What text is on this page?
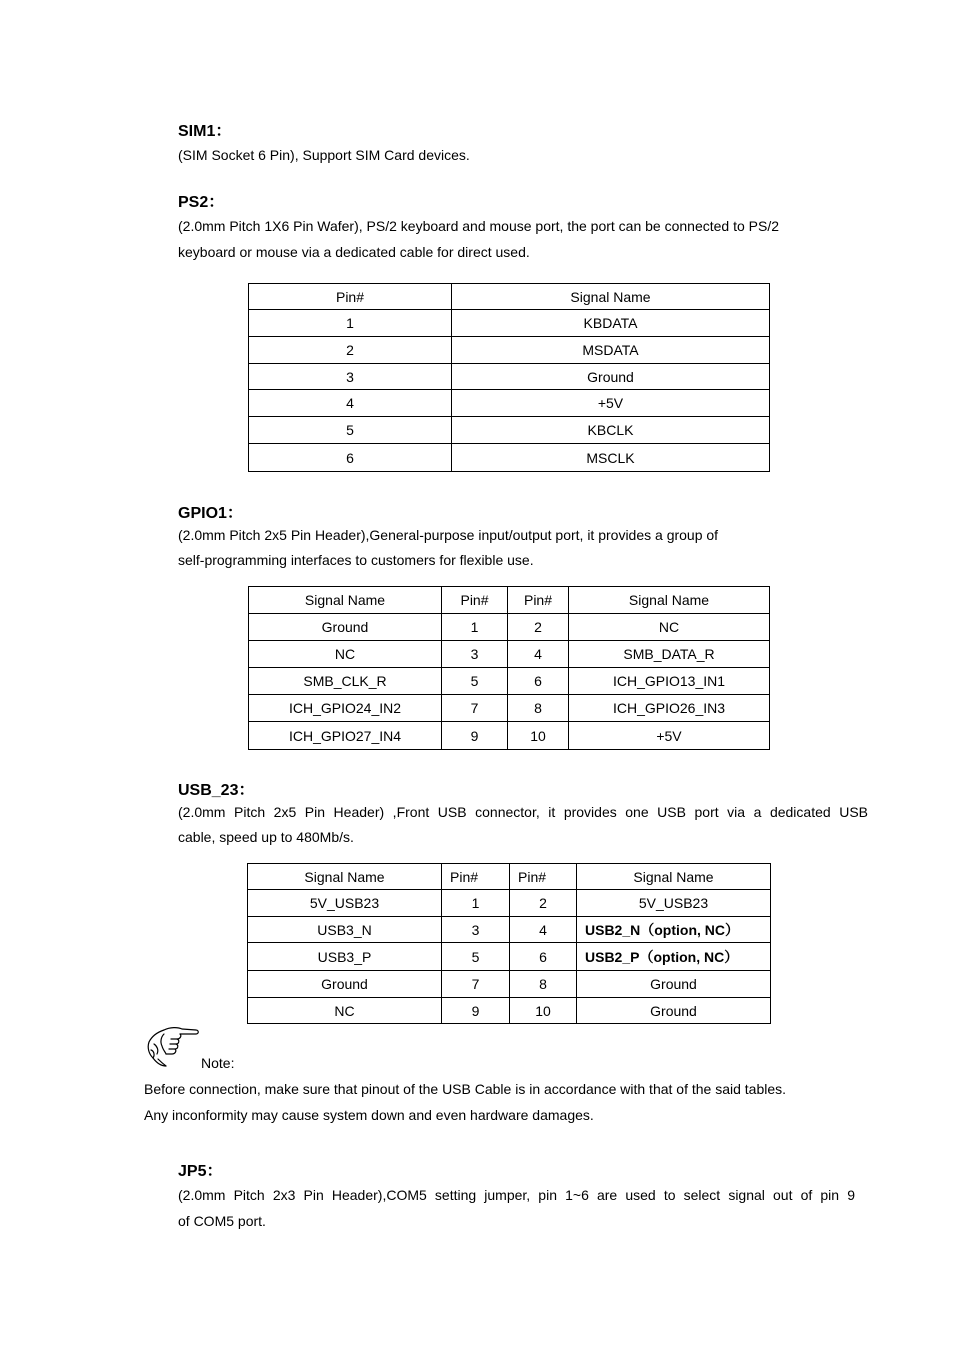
SIM1：
(SIM Socket 6 Pin), Support SIM Card devices.
PS2：
(2.0mm Pitch 1X6 Pin Wafer), PS/2 keyboard and mouse port, the port can be connected to PS/2
keyboard or mouse via a dedicated cable for direct used.
Pin#	Signal Name
1	KBDATA
2	MSDATA
3	Ground
4	+5V
5	KBCLK
6	MSCLK
GPIO1：
(2.0mm Pitch 2x5 Pin Header),General-purpose input/output port, it provides a group of
self-programming interfaces to customers for flexible use.
Signal Name	Pin#	Pin#	Signal Name
Ground	1	2	NC
NC	3	4	SMB_DATA_R
SMB_CLK_R	5	6	ICH_GPIO13_IN1
ICH_GPIO24_IN2	7	8	ICH_GPIO26_IN3
ICH_GPIO27_IN4	9	10	+5V
USB_23：
(2.0mm Pitch 2x5 Pin Header) ,Front USB connector, it provides one USB port via a dedicated USB
cable, speed up to 480Mb/s.
Signal Name	Pin#	Pin#	Signal Name
5V_USB23	1	2	5V_USB23
USB3_N	3	4	USB2_N（option, NC）
USB3_P	5	6	USB2_P（option, NC）
Ground	7	8	Ground
NC	9	10	Ground
Note:
Before connection, make sure that pinout of the USB Cable is in accordance with that of the said tables.
Any inconformity may cause system down and even hardware damages.
JP5：
(2.0mm Pitch 2x3 Pin Header),COM5 setting jumper, pin 1~6 are used to select signal out of pin 9
of COM5 port.
